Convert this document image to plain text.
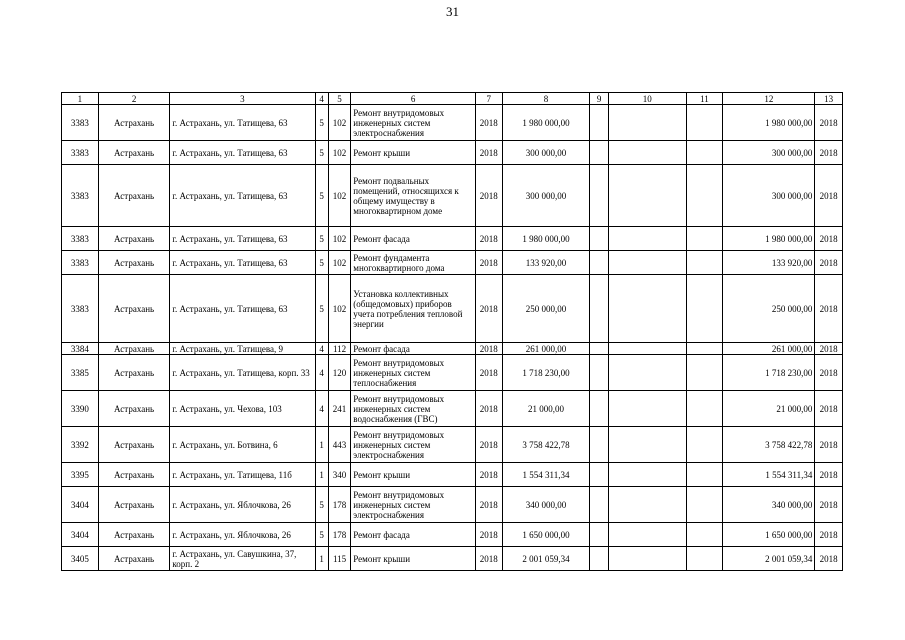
31
1	2	3	4	5	6	7	8	9	10	11	12	13
3383	Астрахань	г. Астрахань, ул. Татищева, 63	5	102	Ремонт внутридомовых инженерных систем электроснабжения	2018	1 980 000,00				1 980 000,00	2018
3383	Астрахань	г. Астрахань, ул. Татищева, 63	5	102	Ремонт крыши	2018	300 000,00				300 000,00	2018
3383	Астрахань	г. Астрахань, ул. Татищева, 63	5	102	Ремонт подвальных помещений, относящихся к общему имуществу в многоквартирном доме	2018	300 000,00				300 000,00	2018
3383	Астрахань	г. Астрахань, ул. Татищева, 63	5	102	Ремонт фасада	2018	1 980 000,00				1 980 000,00	2018
3383	Астрахань	г. Астрахань, ул. Татищева, 63	5	102	Ремонт фундамента многоквартирного дома	2018	133 920,00				133 920,00	2018
3383	Астрахань	г. Астрахань, ул. Татищева, 63	5	102	Установка коллективных (общедомовых) приборов учета потребления тепловой энергии	2018	250 000,00				250 000,00	2018
3384	Астрахань	г. Астрахань, ул. Татищева, 9	4	112	Ремонт фасада	2018	261 000,00				261 000,00	2018
3385	Астрахань	г. Астрахань, ул. Татищева, корп. 33	4	120	Ремонт внутридомовых инженерных систем теплоснабжения	2018	1 718 230,00				1 718 230,00	2018
3390	Астрахань	г. Астрахань, ул. Чехова, 103	4	241	Ремонт внутридомовых инженерных систем водоснабжения (ГВС)	2018	21 000,00				21 000,00	2018
3392	Астрахань	г. Астрахань, ул. Ботвина, 6	1	443	Ремонт внутридомовых инженерных систем электроснабжения	2018	3 758 422,78				3 758 422,78	2018
3395	Астрахань	г. Астрахань, ул. Татищева, 11б	1	340	Ремонт крыши	2018	1 554 311,34				1 554 311,34	2018
3404	Астрахань	г. Астрахань, ул. Яблочкова, 26	5	178	Ремонт внутридомовых инженерных систем электроснабжения	2018	340 000,00				340 000,00	2018
3404	Астрахань	г. Астрахань, ул. Яблочкова, 26	5	178	Ремонт фасада	2018	1 650 000,00				1 650 000,00	2018
3405	Астрахань	г. Астрахань, ул. Савушкина, 37, корп. 2	1	115	Ремонт крыши	2018	2 001 059,34				2 001 059,34	2018
